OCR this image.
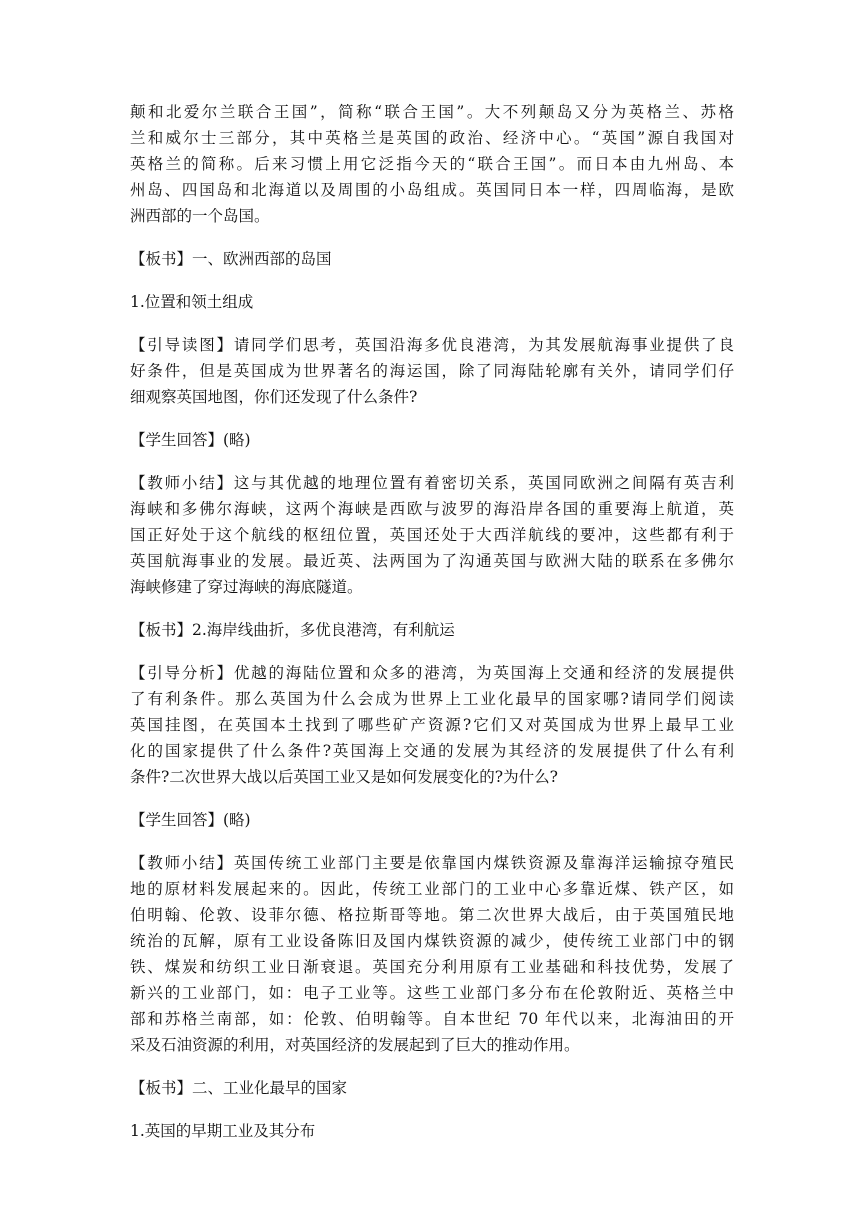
颠和北爱尔兰联合王国”，简称“联合王国”。大不列颠岛又分为英格兰、苏格
兰和威尔士三部分，其中英格兰是英国的政治、经济中心。“英国”源自我国对
英格兰的简称。后来习惯上用它泛指今天的“联合王国”。而日本由九州岛、本
州岛、四国岛和北海道以及周围的小岛组成。英国同日本一样，四周临海，是欧
洲西部的一个岛国。
【板书】一、欧洲西部的岛国
1.位置和领土组成
【引导读图】请同学们思考，英国沿海多优良港湾，为其发展航海事业提供了良
好条件，但是英国成为世界著名的海运国，除了同海陆轮廓有关外，请同学们仔
细观察英国地图，你们还发现了什么条件?
【学生回答】(略)
【教师小结】这与其优越的地理位置有着密切关系，英国同欧洲之间隔有英吉利
海峡和多佛尔海峡，这两个海峡是西欧与波罗的海沿岸各国的重要海上航道，英
国正好处于这个航线的枢纽位置，英国还处于大西洋航线的要冲，这些都有利于
英国航海事业的发展。最近英、法两国为了沟通英国与欧洲大陆的联系在多佛尔
海峡修建了穿过海峡的海底隧道。
【板书】2.海岸线曲折，多优良港湾，有利航运
【引导分析】优越的海陆位置和众多的港湾，为英国海上交通和经济的发展提供
了有利条件。那么英国为什么会成为世界上工业化最早的国家哪?请同学们阅读
英国挂图，在英国本土找到了哪些矿产资源?它们又对英国成为世界上最早工业
化的国家提供了什么条件?英国海上交通的发展为其经济的发展提供了什么有利
条件?二次世界大战以后英国工业又是如何发展变化的?为什么?
【学生回答】(略)
【教师小结】英国传统工业部门主要是依靠国内煤铁资源及靠海洋运输掠夺殖民
地的原材料发展起来的。因此，传统工业部门的工业中心多靠近煤、铁产区，如
伯明翰、伦敦、设菲尔德、格拉斯哥等地。第二次世界大战后，由于英国殖民地
统治的瓦解，原有工业设备陈旧及国内煤铁资源的减少，使传统工业部门中的钢
铁、煤炭和纺织工业日渐衰退。英国充分利用原有工业基础和科技优势，发展了
新兴的工业部门，如：电子工业等。这些工业部门多分布在伦敦附近、英格兰中
部和苏格兰南部，如：伦敦、伯明翰等。自本世纪 70 年代以来，北海油田的开
采及石油资源的利用，对英国经济的发展起到了巨大的推动作用。
【板书】二、工业化最早的国家
1.英国的早期工业及其分布
